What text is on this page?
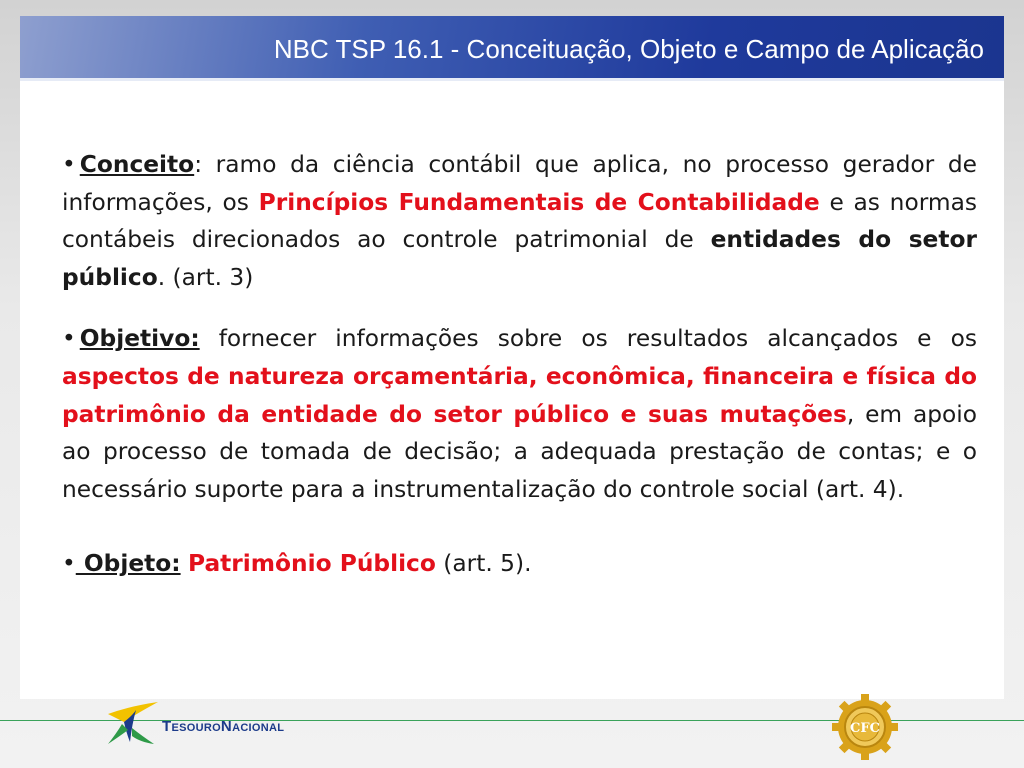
NBC TSP 16.1 - Conceituação, Objeto e Campo de Aplicação

• Conceito: ramo da ciência contábil que aplica, no processo gerador de informações, os Princípios Fundamentais de Contabilidade e as normas contábeis direcionados ao controle patrimonial de entidades do setor público. (art. 3)

• Objetivo: fornecer informações sobre os resultados alcançados e os aspectos de natureza orçamentária, econômica, financeira e física do patrimônio da entidade do setor público e suas mutações, em apoio ao processo de tomada de decisão; a adequada prestação de contas; e o necessário suporte para a instrumentalização do controle social (art. 4).

• Objeto: Patrimônio Público (art. 5).

TesouroNacional	CFC
